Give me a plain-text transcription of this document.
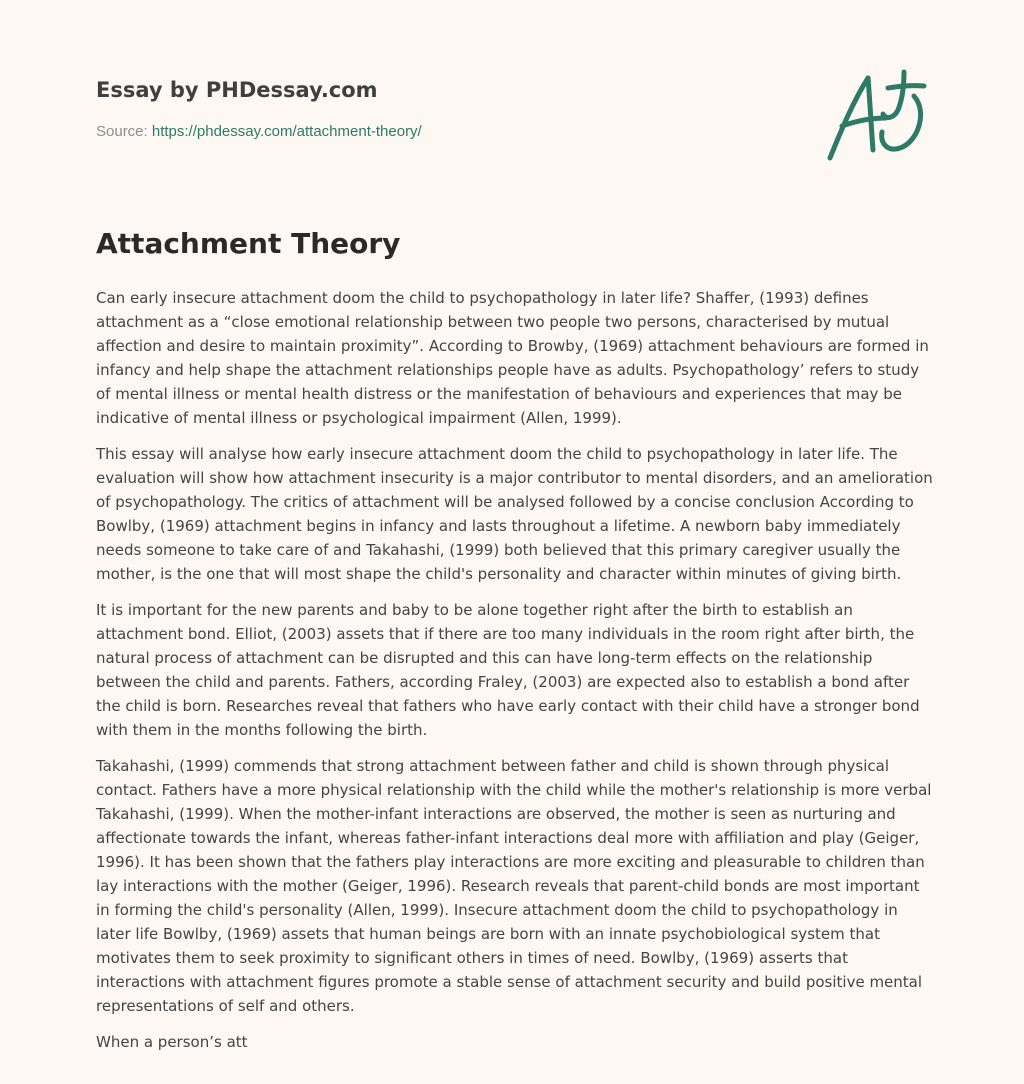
Essay by PHDessay.com
Source: https://phdessay.com/attachment-theory/
Attachment Theory

Can early insecure attachment doom the child to psychopathology in later life? Shaffer, (1993) defines attachment as a “close emotional relationship between two people two persons, characterised by mutual affection and desire to maintain proximity”. According to Browby, (1969) attachment behaviours are formed in infancy and help shape the attachment relationships people have as adults. Psychopathology’ refers to study of mental illness or mental health distress or the manifestation of behaviours and experiences that may be indicative of mental illness or psychological impairment (Allen, 1999).

This essay will analyse how early insecure attachment doom the child to psychopathology in later life. The evaluation will show how attachment insecurity is a major contributor to mental disorders, and an amelioration of psychopathology. The critics of attachment will be analysed followed by a concise conclusion According to Bowlby, (1969) attachment begins in infancy and lasts throughout a lifetime. A newborn baby immediately needs someone to take care of and Takahashi, (1999) both believed that this primary caregiver usually the mother, is the one that will most shape the child's personality and character within minutes of giving birth.

It is important for the new parents and baby to be alone together right after the birth to establish an attachment bond. Elliot, (2003) assets that if there are too many individuals in the room right after birth, the natural process of attachment can be disrupted and this can have long-term effects on the relationship between the child and parents. Fathers, according Fraley, (2003) are expected also to establish a bond after the child is born. Researches reveal that fathers who have early contact with their child have a stronger bond with them in the months following the birth.

Takahashi, (1999) commends that strong attachment between father and child is shown through physical contact. Fathers have a more physical relationship with the child while the mother's relationship is more verbal Takahashi, (1999). When the mother-infant interactions are observed, the mother is seen as nurturing and affectionate towards the infant, whereas father-infant interactions deal more with affiliation and play (Geiger, 1996). It has been shown that the fathers play interactions are more exciting and pleasurable to children than lay interactions with the mother (Geiger, 1996). Research reveals that parent-child bonds are most important in forming the child's personality (Allen, 1999). Insecure attachment doom the child to psychopathology in later life Bowlby, (1969) assets that human beings are born with an innate psychobiological system that motivates them to seek proximity to significant others in times of need. Bowlby, (1969) asserts that interactions with attachment figures promote a stable sense of attachment security and build positive mental representations of self and others.

When a person’s att
